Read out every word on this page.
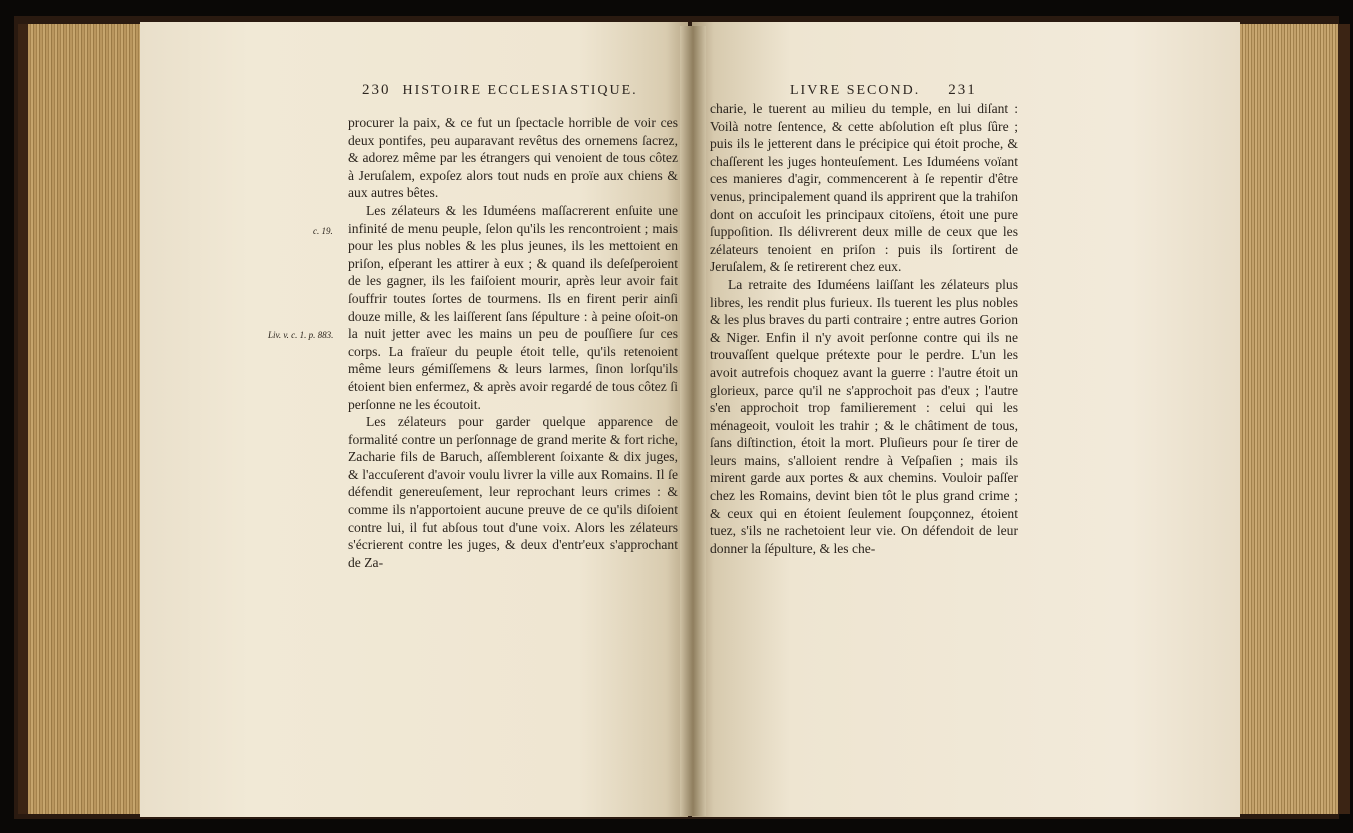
230 HISTOIRE ECCLESIASTIQUE.
c. 19.
Liv. v. c. 1. p. 883.

procurer la paix, & ce fut un ſpectacle horrible de voir ces deux pontifes, peu auparavant revêtus des ornemens ſacrez, & adorez même par les étrangers qui venoient de tous côtez à Jeruſalem, expoſez alors tout nuds en proïe aux chiens & aux autres bêtes.

Les zélateurs & les Iduméens maſſacrerent enſuite une infinité de menu peuple, ſelon qu'ils les rencontroient ; mais pour les plus nobles & les plus jeunes, ils les mettoient en priſon, eſperant les attirer à eux ; & quand ils deſeſperoient de les gagner, ils les faiſoient mourir, après leur avoir fait ſouffrir toutes ſortes de tourmens. Ils en firent perir ainſi douze mille, & les laiſſerent ſans ſépulture : à peine oſoit-on la nuit jetter avec les mains un peu de pouſſiere ſur ces corps. La fraïeur du peuple étoit telle, qu'ils retenoient même leurs gémiſſemens & leurs larmes, ſinon lorſqu'ils étoient bien enfermez, & après avoir regardé de tous côtez ſi perſonne ne les écoutoit.

Les zélateurs pour garder quelque apparence de formalité contre un perſonnage de grand merite & fort riche, Zacharie fils de Baruch, aſſemblerent ſoixante & dix juges, & l'accuſerent d'avoir voulu livrer la ville aux Romains. Il ſe défendit genereuſement, leur reprochant leurs crimes : & comme ils n'apportoient aucune preuve de ce qu'ils diſoient contre lui, il fut abſous tout d'une voix. Alors les zélateurs s'écrierent contre les juges, & deux d'entr'eux s'approchant de Za-

LIVRE SECOND. 231

charie, le tuerent au milieu du temple, en lui diſant : Voilà notre ſentence, & cette abſolution eſt plus ſûre ; puis ils le jetterent dans le précipice qui étoit proche, & chaſſerent les juges honteuſement. Les Iduméens voïant ces manieres d'agir, commencerent à ſe repentir d'être venus, principalement quand ils apprirent que la trahiſon dont on accuſoit les principaux citoïens, étoit une pure ſuppoſition. Ils délivrerent deux mille de ceux que les zélateurs tenoient en priſon : puis ils ſortirent de Jeruſalem, & ſe retirerent chez eux.

La retraite des Iduméens laiſſant les zélateurs plus libres, les rendit plus furieux. Ils tuerent les plus nobles & les plus braves du parti contraire ; entre autres Gorion & Niger. Enfin il n'y avoit perſonne contre qui ils ne trouvaſſent quelque prétexte pour le perdre. L'un les avoit autrefois choquez avant la guerre : l'autre étoit un glorieux, parce qu'il ne s'approchoit pas d'eux ; l'autre s'en approchoit trop familierement : celui qui les ménageoit, vouloit les trahir ; & le châtiment de tous, ſans diſtinction, étoit la mort. Pluſieurs pour ſe tirer de leurs mains, s'alloient rendre à Veſpaſien ; mais ils mirent garde aux portes & aux chemins. Vouloir paſſer chez les Romains, devint bien tôt le plus grand crime ; & ceux qui en étoient ſeulement ſoupçonnez, étoient tuez, s'ils ne rachetoient leur vie. On défendoit de leur donner la ſépulture, & les che-
